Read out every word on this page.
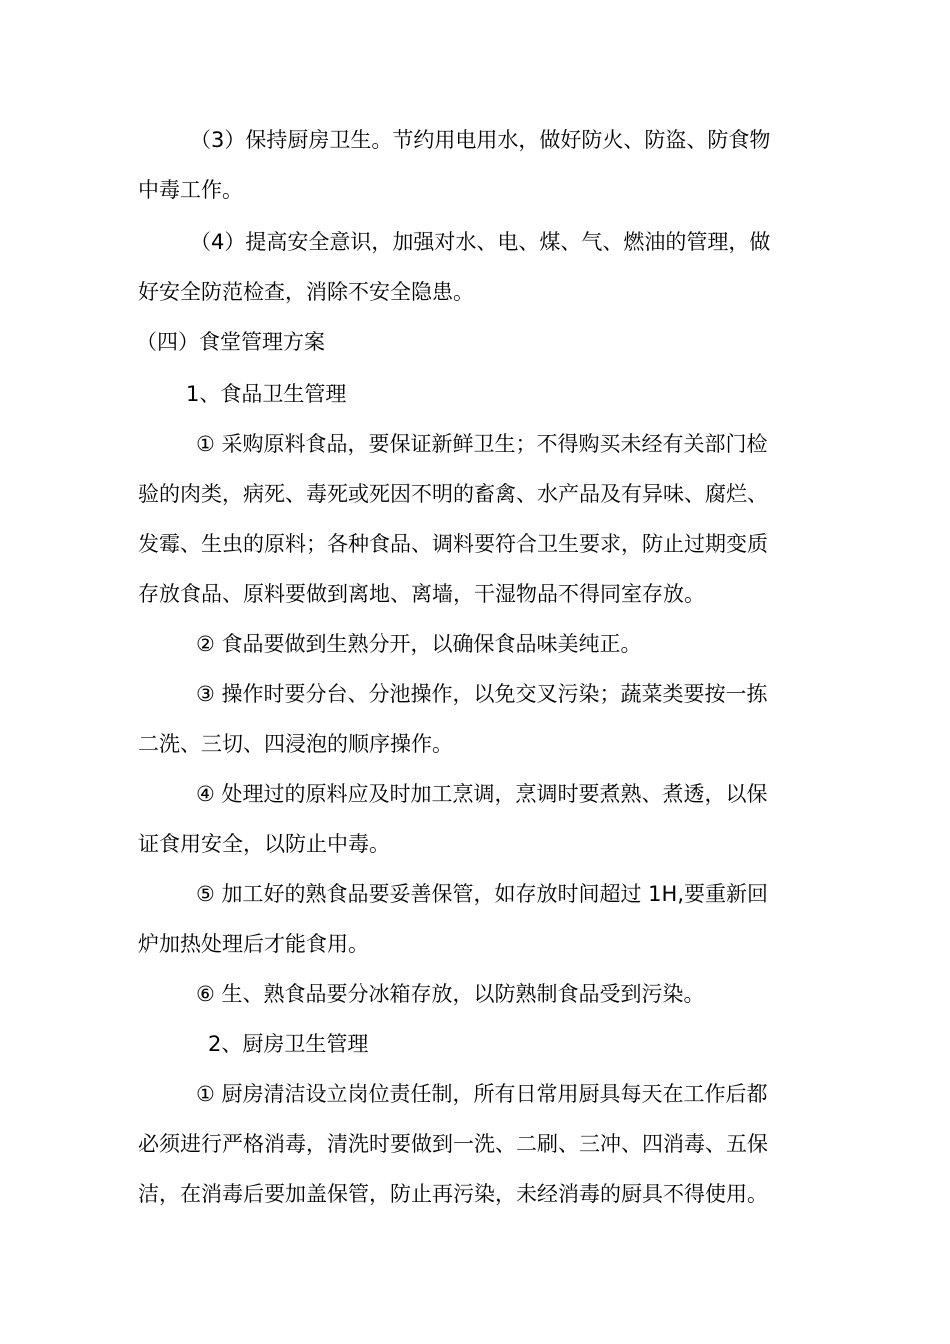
（3）保持厨房卫生。节约用电用水，做好防火、防盗、防食物
中毒工作。
（4）提高安全意识，加强对水、电、煤、气、燃油的管理，做
好安全防范检查，消除不安全隐患。
（四）食堂管理方案
1、食品卫生管理
① 采购原料食品，要保证新鲜卫生；不得购买未经有关部门检
验的肉类，病死、毒死或死因不明的畜禽、水产品及有异味、腐烂、
发霉、生虫的原料；各种食品、调料要符合卫生要求，防止过期变质
存放食品、原料要做到离地、离墙，干湿物品不得同室存放。
② 食品要做到生熟分开，以确保食品味美纯正。
③ 操作时要分台、分池操作，以免交叉污染；蔬菜类要按一拣
二洗、三切、四浸泡的顺序操作。
④ 处理过的原料应及时加工烹调，烹调时要煮熟、煮透，以保
证食用安全，以防止中毒。
⑤ 加工好的熟食品要妥善保管，如存放时间超过 1H,要重新回
炉加热处理后才能食用。
⑥ 生、熟食品要分冰箱存放，以防熟制食品受到污染。
2、厨房卫生管理
① 厨房清洁设立岗位责任制，所有日常用厨具每天在工作后都
必须进行严格消毒，清洗时要做到一洗、二刷、三冲、四消毒、五保
洁，在消毒后要加盖保管，防止再污染，未经消毒的厨具不得使用。
